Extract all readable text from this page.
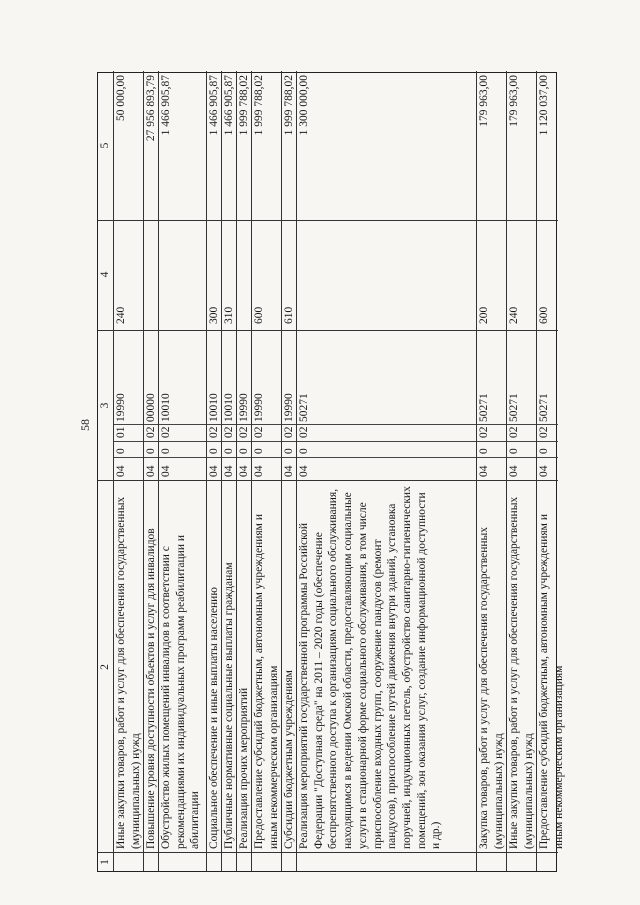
58
1
2
3
4
5
Иные закупки товаров, работ и услуг для обеспечения государственных (муниципальных) нужд
04
0
01
19990
240
50 000,00
Повышение уровня доступности объектов и услуг для инвалидов
04
0
02
00000
27 956 893,79
Обустройство жилых помещений инвалидов в соответствии с рекомендациями их индивидуальных программ реабилитации и абилитации
04
0
02
10010
1 466 905,87
Социальное обеспечение и иные выплаты населению
04
0
02
10010
300
1 466 905,87
Публичные нормативные социальные выплаты гражданам
04
0
02
10010
310
1 466 905,87
Реализация прочих мероприятий
04
0
02
19990
1 999 788,02
Предоставление субсидий бюджетным, автономным учреждениям и иным некоммерческим организациям
04
0
02
19990
600
1 999 788,02
Субсидии бюджетным учреждениям
04
0
02
19990
610
1 999 788,02
Реализация мероприятий государственной программы Российской Федерации "Доступная среда" на 2011 – 2020 годы (обеспечение беспрепятственного доступа к организациям социального обслуживания, находящимся в ведении Омской области, предоставляющим социальные услуги в стационарной форме социального обслуживания, в том числе приспособление входных групп, сооружение пандусов (ремонт пандусов), приспособление путей движения внутри зданий, установка поручней, индукционных петель, обустройство санитарно-гигиенических помещений, зон оказания услуг, создание информационной доступности и др.)
04
0
02
50271
1 300 000,00
Закупка товаров, работ и услуг для обеспечения государственных (муниципальных) нужд
04
0
02
50271
200
179 963,00
Иные закупки товаров, работ и услуг для обеспечения государственных (муниципальных) нужд
04
0
02
50271
240
179 963,00
Предоставление субсидий бюджетным, автономным учреждениям и иным некоммерческим организациям
04
0
02
50271
600
1 120 037,00
